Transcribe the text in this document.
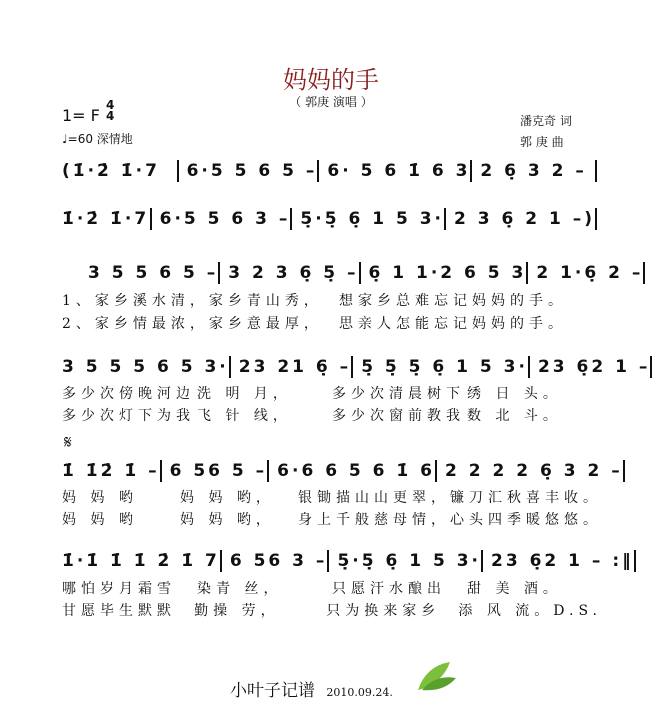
妈妈的手
（ 郭庚 演唱 ）
1= F
4
4
♩=60 深情地
潘克奇 词
郭 庚 曲
(1̇·2̇ 1̇·7	6·5 5 6 5 – 6· 5 6 1̇ 6 3 2 6̣ 3 2 –
1̇·2̇ 1̇·7 6·5 5 6 3 – 5̣·5̣ 6̣ 1 5 3· 2 3 6̣ 2 1 –)
3 5 5 6 5 – 3 2 3 6̣ 5̣ – 6̣ 1 1·2 6 5 3 2 1·6̣ 2 –
3 5 5 5 6 5 3· 23 21 6̣ – 5̣ 5̣ 5̣ 6̣ 1 5 3· 23 6̣2 1 –
1̇ 1̇2̇ 1̇ – 6 56 5 – 6·6 6 5 6 1̇ 6 2 2 2 2 6̣ 3 2 –
1̇·1̇ 1̇ 1̇ 2̇ 1̇ 7 6 56 3 – 5̣·5̣ 6̣ 1 5 3· 23 6̣2 1 – :‖
1、家乡溪水清， 家乡青山秀，	想家乡总难忘记 妈妈的手。
2、家乡情最浓， 家乡意最厚，	思亲人怎能忘记 妈妈的手。
多少次傍晚河边 洗 明 月，	多少次清晨树下 绣 日 头。
多少次灯下为我 飞 针 线，	多少次窗前教我 数 北 斗。
妈 妈 哟	妈 妈 哟，	银锄描山山更翠， 镰刀汇秋喜丰收。
妈 妈 哟	妈 妈 哟，	身上千般慈母情， 心头四季暖悠悠。
哪怕岁月霜雪	染青 丝，	只愿汗水酿出	甜 美 酒。
甘愿毕生默默	勤操 劳，	只为换来家乡	添 风 流。D.S.
𝄋
小叶子记谱 2010.09.24.
